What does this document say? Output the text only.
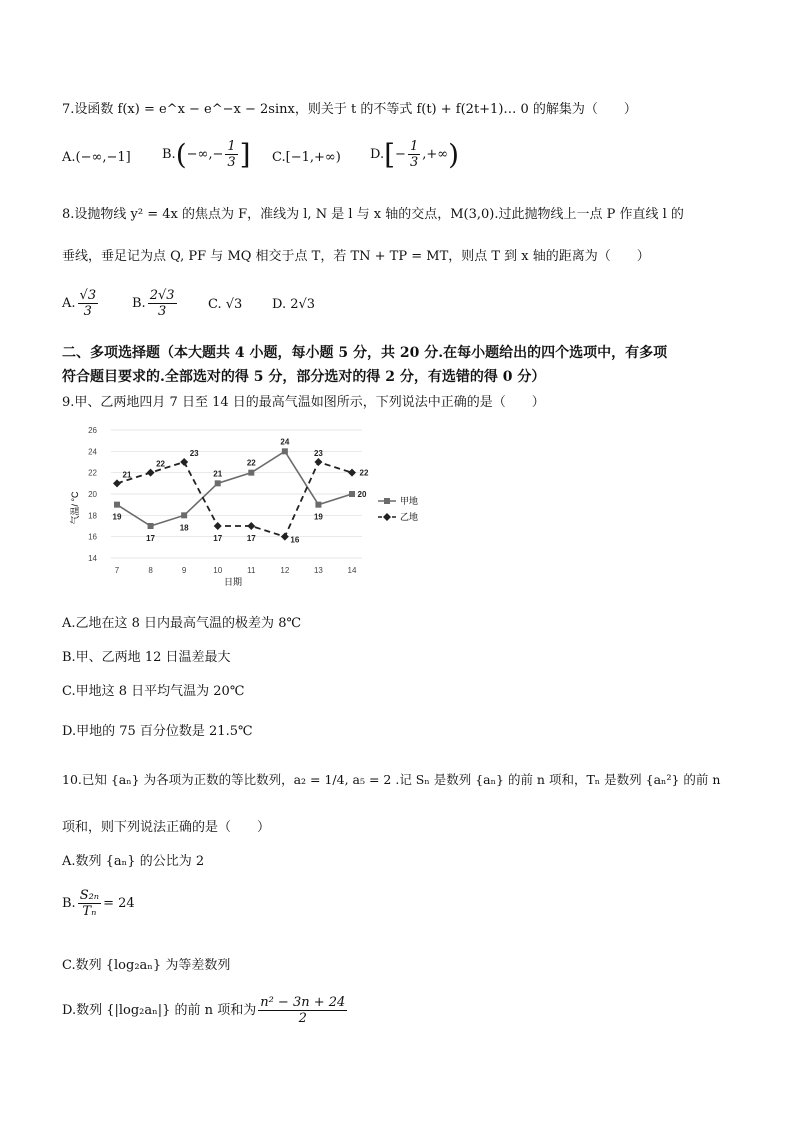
7.设函数 f(x) = e^x − e^−x − 2sinx，则关于 t 的不等式 f(t) + f(2t+1)… 0 的解集为（　　）
A.(−∞,−1] $B.(-\infty,- \frac{1}{3}$ ] C.[−1,+∞) $D.[- \frac{1}{3}$ ,+∞)
8.设抛物线 y² = 4x 的焦点为 F，准线为 l, N 是 l 与 x 轴的交点，M(3,0).过此抛物线上一点 P 作直线 l 的
垂线，垂足记为点 Q, PF 与 MQ 相交于点 T，若 TN + TP = MT，则点 T 到 x 轴的距离为（　　）
A. $\frac{√3}{3}$	B. $\frac{2√3}{3} C$. √3 D. 2√3
二、多项选择题（本大题共 4 小题，每小题 5 分，共 20 分.在每小题给出的四个选项中，有多项
符合题目要求的.全部选对的得 5 分，部分选对的得 2 分，有选错的得 0 分）
9.甲、乙两地四月 7 日至 14 日的最高气温如图所示，下列说法中正确的是（　　）
14
16
18
20
22
24
26
7	8	9	10	11	12	13	14
19
17
18
21
22
24
19
20
21
22
23
17	17	16
23
22
气温/ °C
日期
甲地
乙地
A.乙地在这 8 日内最高气温的极差为 8℃
B.甲、乙两地 12 日温差最大
C.甲地这 8 日平均气温为 20℃
D.甲地的 75 百分位数是 21.5℃
10.已知 {aₙ} 为各项为正数的等比数列，a₂ = 1/4, a₅ = 2 .记 Sₙ 是数列 {aₙ} 的前 n 项和，Tₙ 是数列 {aₙ²} 的前 n
项和，则下列说法正确的是（　　）
A.数列 {aₙ} 的公比为 2
B. $\frac{\text{S₂ₙ}}{\text{Tₙ}} = 24$
C.数列 {log₂aₙ} 为等差数列
D.数列 {|log₂aₙ|} 的前 n 项和为 $\frac{\text{n² − 3n + 24}}{2}$
